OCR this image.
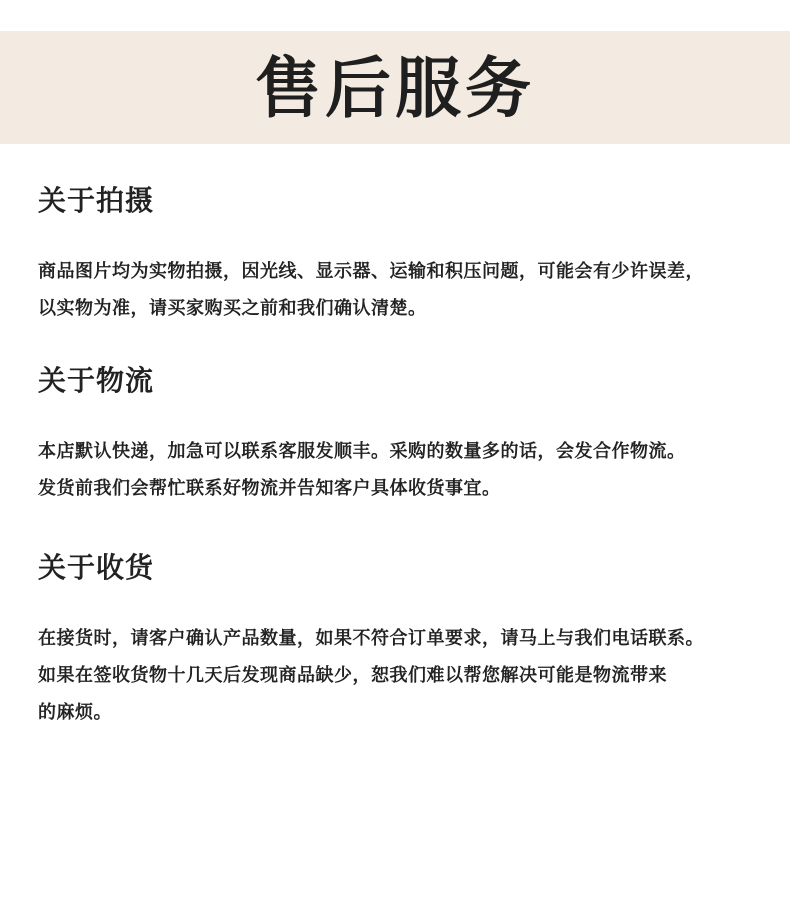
售后服务
关于拍摄

商品图片均为实物拍摄，因光线、显示器、运输和积压问题，可能会有少许误差，

以实物为准，请买家购买之前和我们确认清楚。

关于物流

本店默认快递，加急可以联系客服发顺丰。采购的数量多的话，会发合作物流。

发货前我们会帮忙联系好物流并告知客户具体收货事宜。

关于收货

在接货时，请客户确认产品数量，如果不符合订单要求，请马上与我们电话联系。

如果在签收货物十几天后发现商品缺少，恕我们难以帮您解决可能是物流带来

的麻烦。
